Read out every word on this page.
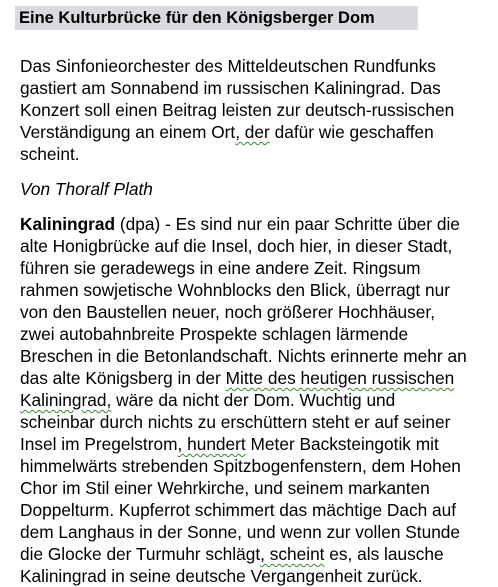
Eine Kulturbrücke für den Königsberger Dom

Das Sinfonieorchester des Mitteldeutschen Rundfunks

gastiert am Sonnabend im russischen Kaliningrad. Das

Konzert soll einen Beitrag leisten zur deutsch-russischen

Verständigung an einem Ort, der dafür wie geschaffen

scheint.

Von Thoralf Plath

Kaliningrad (dpa) - Es sind nur ein paar Schritte über die

alte Honigbrücke auf die Insel, doch hier, in dieser Stadt,

führen sie geradewegs in eine andere Zeit. Ringsum

rahmen sowjetische Wohnblocks den Blick, überragt nur

von den Baustellen neuer, noch größerer Hochhäuser,

zwei autobahnbreite Prospekte schlagen lärmende

Breschen in die Betonlandschaft. Nichts erinnerte mehr an

das alte Königsberg in der Mitte des heutigen russischen

Kaliningrad, wäre da nicht der Dom. Wuchtig und

scheinbar durch nichts zu erschüttern steht er auf seiner

Insel im Pregelstrom, hundert Meter Backsteingotik mit

himmelwärts strebenden Spitzbogenfenstern, dem Hohen

Chor im Stil einer Wehrkirche, und seinem markanten

Doppelturm. Kupferrot schimmert das mächtige Dach auf

dem Langhaus in der Sonne, und wenn zur vollen Stunde

die Glocke der Turmuhr schlägt, scheint es, als lausche

Kaliningrad in seine deutsche Vergangenheit zurück.
